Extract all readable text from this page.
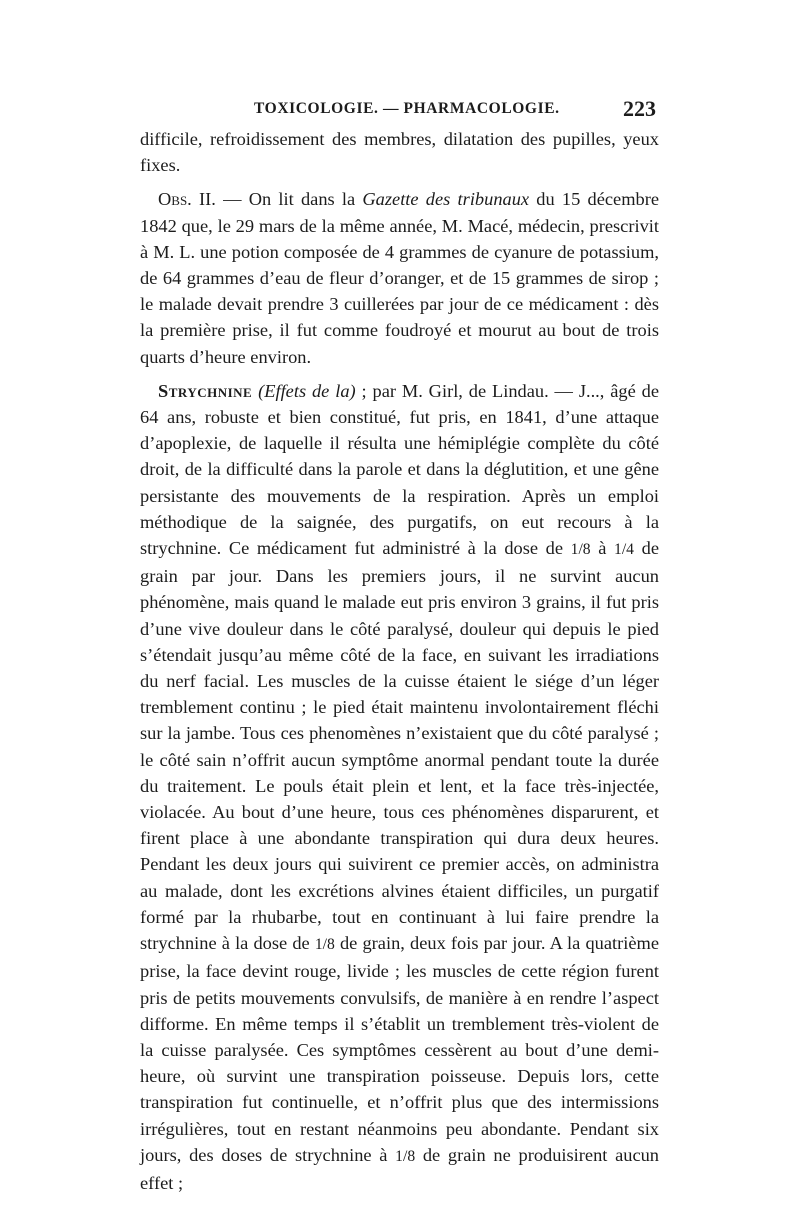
TOXICOLOGIE. — PHARMACOLOGIE.	223

difficile, refroidissement des membres, dilatation des pupilles, yeux fixes.

Obs. II. — On lit dans la Gazette des tribunaux du 15 décembre 1842 que, le 29 mars de la même année, M. Macé, médecin, prescrivit à M. L. une potion composée de 4 grammes de cyanure de potassium, de 64 grammes d’eau de fleur d’oranger, et de 15 grammes de sirop ; le malade devait prendre 3 cuillerées par jour de ce médicament : dès la première prise, il fut comme foudroyé et mourut au bout de trois quarts d’heure environ.

Strychnine (Effets de la) ; par M. Girl, de Lindau. — J..., âgé de 64 ans, robuste et bien constitué, fut pris, en 1841, d’une attaque d’apoplexie, de laquelle il résulta une hémiplégie complète du côté droit, de la difficulté dans la parole et dans la déglutition, et une gêne persistante des mouvements de la respiration. Après un emploi méthodique de la saignée, des purgatifs, on eut recours à la strychnine. Ce médicament fut administré à la dose de 1/8 à 1/4 de grain par jour. Dans les premiers jours, il ne survint aucun phénomène, mais quand le malade eut pris environ 3 grains, il fut pris d’une vive douleur dans le côté paralysé, douleur qui depuis le pied s’étendait jusqu’au même côté de la face, en suivant les irradiations du nerf facial. Les muscles de la cuisse étaient le siége d’un léger tremblement continu ; le pied était maintenu involontairement fléchi sur la jambe. Tous ces phenomènes n’existaient que du côté paralysé ; le côté sain n’offrit aucun symptôme anormal pendant toute la durée du traitement. Le pouls était plein et lent, et la face très-injectée, violacée. Au bout d’une heure, tous ces phénomènes disparurent, et firent place à une abondante transpiration qui dura deux heures. Pendant les deux jours qui suivirent ce premier accès, on administra au malade, dont les excrétions alvines étaient difficiles, un purgatif formé par la rhubarbe, tout en continuant à lui faire prendre la strychnine à la dose de 1/8 de grain, deux fois par jour. A la quatrième prise, la face devint rouge, livide ; les muscles de cette région furent pris de petits mouvements convulsifs, de manière à en rendre l’aspect difforme. En même temps il s’établit un tremblement très-violent de la cuisse paralysée. Ces symptômes cessèrent au bout d’une demi-heure, où survint une transpiration poisseuse. Depuis lors, cette transpiration fut continuelle, et n’offrit plus que des intermissions irrégulières, tout en restant néanmoins peu abondante. Pendant six jours, des doses de strychnine à 1/8 de grain ne produisirent aucun effet ;
